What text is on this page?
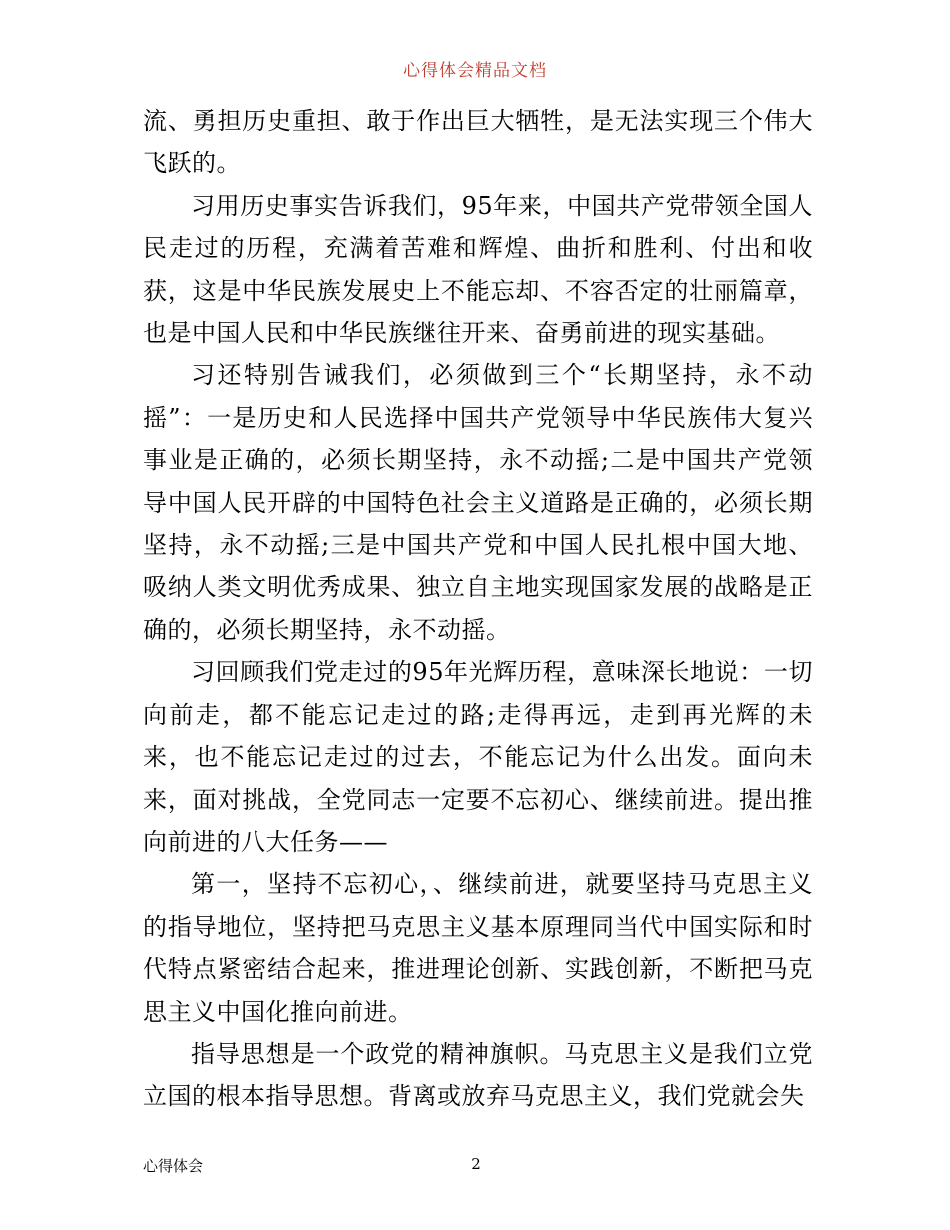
心得体会精品文档

流、勇担历史重担、敢于作出巨大牺牲，是无法实现三个伟大飞跃的。

习用历史事实告诉我们，95年来，中国共产党带领全国人民走过的历程，充满着苦难和辉煌、曲折和胜利、付出和收获，这是中华民族发展史上不能忘却、不容否定的壮丽篇章，也是中国人民和中华民族继往开来、奋勇前进的现实基础。

习还特别告诫我们，必须做到三个“长期坚持，永不动摇”：一是历史和人民选择中国共产党领导中华民族伟大复兴事业是正确的，必须长期坚持，永不动摇;二是中国共产党领导中国人民开辟的中国特色社会主义道路是正确的，必须长期坚持，永不动摇;三是中国共产党和中国人民扎根中国大地、吸纳人类文明优秀成果、独立自主地实现国家发展的战略是正确的，必须长期坚持，永不动摇。

习回顾我们党走过的95年光辉历程，意味深长地说：一切向前走，都不能忘记走过的路;走得再远，走到再光辉的未来，也不能忘记走过的过去，不能忘记为什么出发。面向未来，面对挑战，全党同志一定要不忘初心、继续前进。提出推向前进的八大任务——

第一，坚持不忘初心，、继续前进，就要坚持马克思主义的指导地位，坚持把马克思主义基本原理同当代中国实际和时代特点紧密结合起来，推进理论创新、实践创新，不断把马克思主义中国化推向前进。

指导思想是一个政党的精神旗帜。马克思主义是我们立党立国的根本指导思想。背离或放弃马克思主义，我们党就会失

心得体会	2
